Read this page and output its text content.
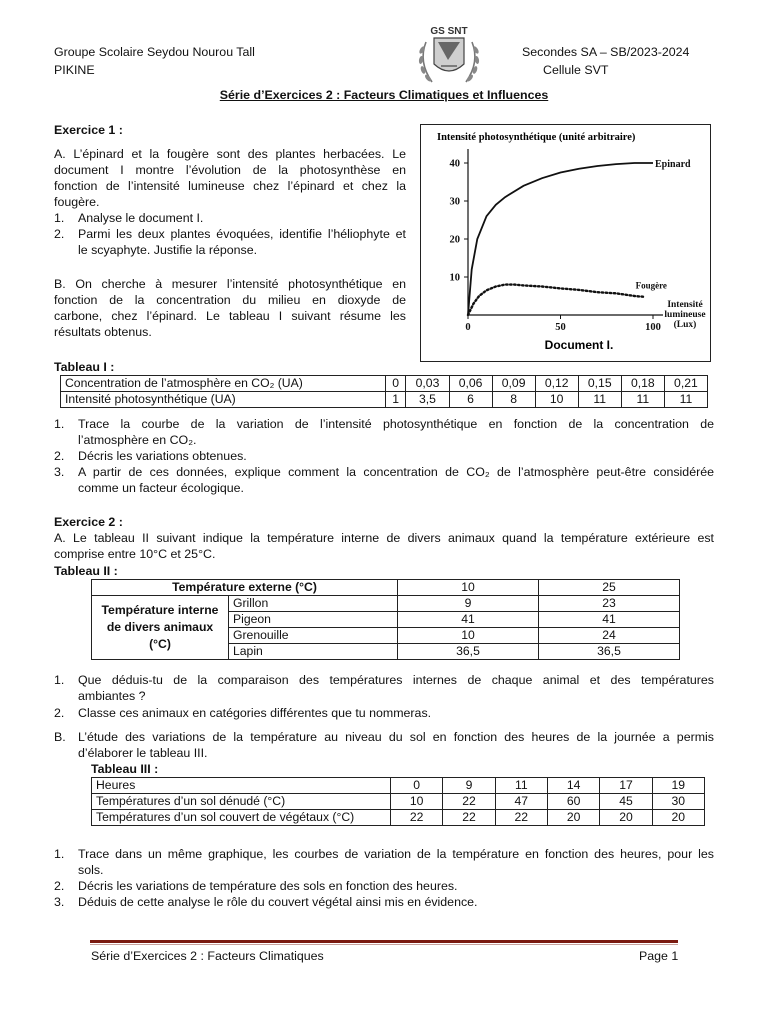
Groupe Scolaire Seydou Nourou Tall
PIKINE
Secondes SA – SB/2023-2024
Cellule SVT
GS SNT
Série d’Exercices 2 : Facteurs Climatiques et Influences
Exercice 1 :
A. L’épinard et la fougère sont des plantes herbacées. Le
document I montre l’évolution de la photosynthèse en
fonction de l’intensité lumineuse chez l’épinard et chez la
fougère.
1. Analyse le document I.
2. Parmi les deux plantes évoquées, identifie l’héliophyte et
le scyaphyte. Justifie la réponse.
B. On cherche à mesurer l’intensité photosynthétique en
fonction de la concentration du milieu en dioxyde de
carbone, chez l’épinard. Le tableau I suivant résume les
résultats obtenus.
Intensité photosynthétique (unité arbitraire)
10
20
30
40
0	50	100
Epinard
Fougère
Intensité
lumineuse
(Lux)
Document I.
Tableau I :
Concentration de l’atmosphère en CO₂ (UA)	0	0,03	0,06	0,09	0,12	0,15	0,18	0,21
Intensité photosynthétique (UA)	1	3,5	6	8	10	11	11	11
1. Trace la courbe de la variation de l’intensité photosynthétique en fonction de la concentration de
l’atmosphère en CO₂.
2. Décris les variations obtenues.
3. A partir de ces données, explique comment la concentration de CO₂ de l’atmosphère peut-être considérée
comme un facteur écologique.
Exercice 2 :
A. Le tableau II suivant indique la température interne de divers animaux quand la température extérieure est
comprise entre 10°C et 25°C.
Tableau II :
Température externe (°C)		10	25

Température interne
de divers animaux
(°C)	Grillon	9	23
	Pigeon	41	41
	Grenouille	10	24
	Lapin	36,5	36,5
1. Que déduis-tu de la comparaison des températures internes de chaque animal et des températures
ambiantes ?
2. Classe ces animaux en catégories différentes que tu nommeras.
B. L’étude des variations de la température au niveau du sol en fonction des heures de la journée a permis
d’élaborer le tableau III.
Tableau III :
Heures	0	9	11	14	17	19
Températures d’un sol dénudé (°C)	10	22	47	60	45	30
Températures d’un sol couvert de végétaux (°C)	22	22	22	20	20	20
1. Trace dans un même graphique, les courbes de variation de la température en fonction des heures, pour les
sols.
2. Décris les variations de température des sols en fonction des heures.
3. Déduis de cette analyse le rôle du couvert végétal ainsi mis en évidence.
Série d’Exercices 2 : Facteurs Climatiques	Page 1
